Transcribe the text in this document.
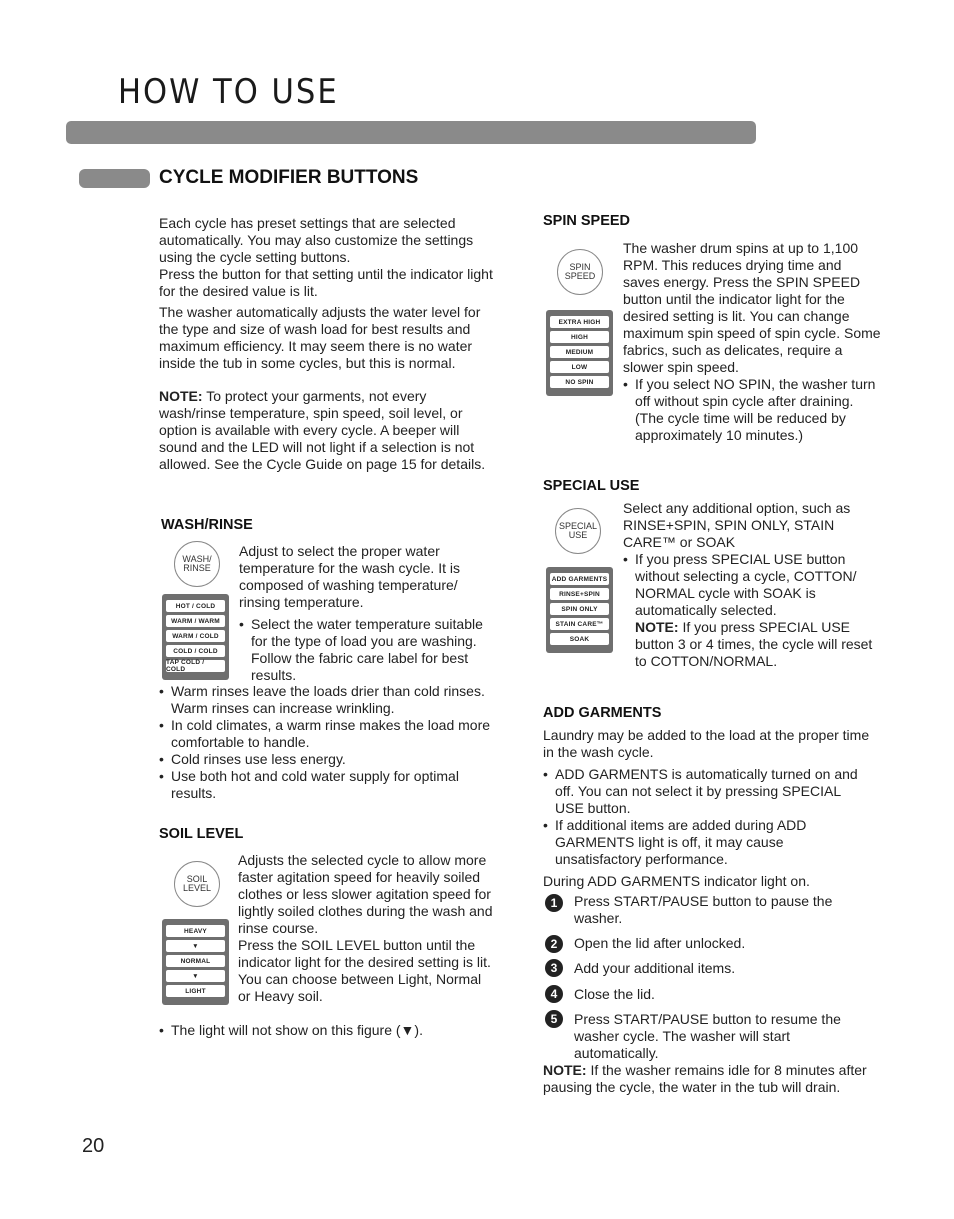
HOW TO USE
CYCLE MODIFIER BUTTONS

Each cycle has preset settings that are selected automatically. You may also customize the settings using the cycle setting buttons.

Press the button for that setting until the indicator light for the desired value is lit.

The washer automatically adjusts the water level for the type and size of wash load for best results and maximum efficiency. It may seem there is no water inside the tub in some cycles, but this is normal.

NOTE: To protect your garments, not every wash/rinse temperature, spin speed, soil level, or option is available with every cycle. A beeper will sound and the LED will not light if a selection is not allowed. See the Cycle Guide on page 15 for details.

WASH/RINSE
WASH/
RINSE
HOT / COLD
WARM / WARM
WARM / COLD
COLD / COLD
TAP COLD / COLD

Adjust to select the proper water temperature for the wash cycle. It is composed of washing temperature/ rinsing temperature.

• Select the water temperature suitable for the type of load you are washing. Follow the fabric care label for best results.
• Warm rinses leave the loads drier than cold rinses. Warm rinses can increase wrinkling.
• In cold climates, a warm rinse makes the load more comfortable to handle.
• Cold rinses use less energy.
• Use both hot and cold water supply for optimal results.
SOIL LEVEL
SOIL
LEVEL
HEAVY
▼
NORMAL
▼
LIGHT

Adjusts the selected cycle to allow more faster agitation speed for heavily soiled clothes or less slower agitation speed for lightly soiled clothes during the wash and rinse course.

Press the SOIL LEVEL button until the indicator light for the desired setting is lit. You can choose between Light, Normal or Heavy soil.

• The light will not show on this figure (▼).
SPIN SPEED
SPIN
SPEED
EXTRA HIGH
HIGH
MEDIUM
LOW
NO SPIN

The washer drum spins at up to 1,100 RPM. This reduces drying time and saves energy. Press the SPIN SPEED button until the indicator light for the desired setting is lit. You can change maximum spin speed of spin cycle. Some fabrics, such as delicates, require a slower spin speed.

• If you select NO SPIN, the washer turn off without spin cycle after draining. (The cycle time will be reduced by approximately 10 minutes.)
SPECIAL USE
SPECIAL
USE
ADD GARMENTS
RINSE+SPIN
SPIN ONLY
STAIN CARE™
SOAK

Select any additional option, such as RINSE+SPIN, SPIN ONLY, STAIN CARE™ or SOAK

• If you press SPECIAL USE button without selecting a cycle, COTTON/ NORMAL cycle with SOAK is automatically selected.
NOTE: If you press SPECIAL USE button 3 or 4 times, the cycle will reset to COTTON/NORMAL.
ADD GARMENTS

Laundry may be added to the load at the proper time in the wash cycle.

• ADD GARMENTS is automatically turned on and off. You can not select it by pressing SPECIAL USE button.
• If additional items are added during ADD GARMENTS light is off, it may cause unsatisfactory performance.

During ADD GARMENTS indicator light on.

1	Press START/PAUSE button to pause the washer.

2	Open the lid after unlocked.

3	Add your additional items.

4	Close the lid.

5	Press START/PAUSE button to resume the washer cycle. The washer will start automatically.

NOTE: If the washer remains idle for 8 minutes after pausing the cycle, the water in the tub will drain.

20
